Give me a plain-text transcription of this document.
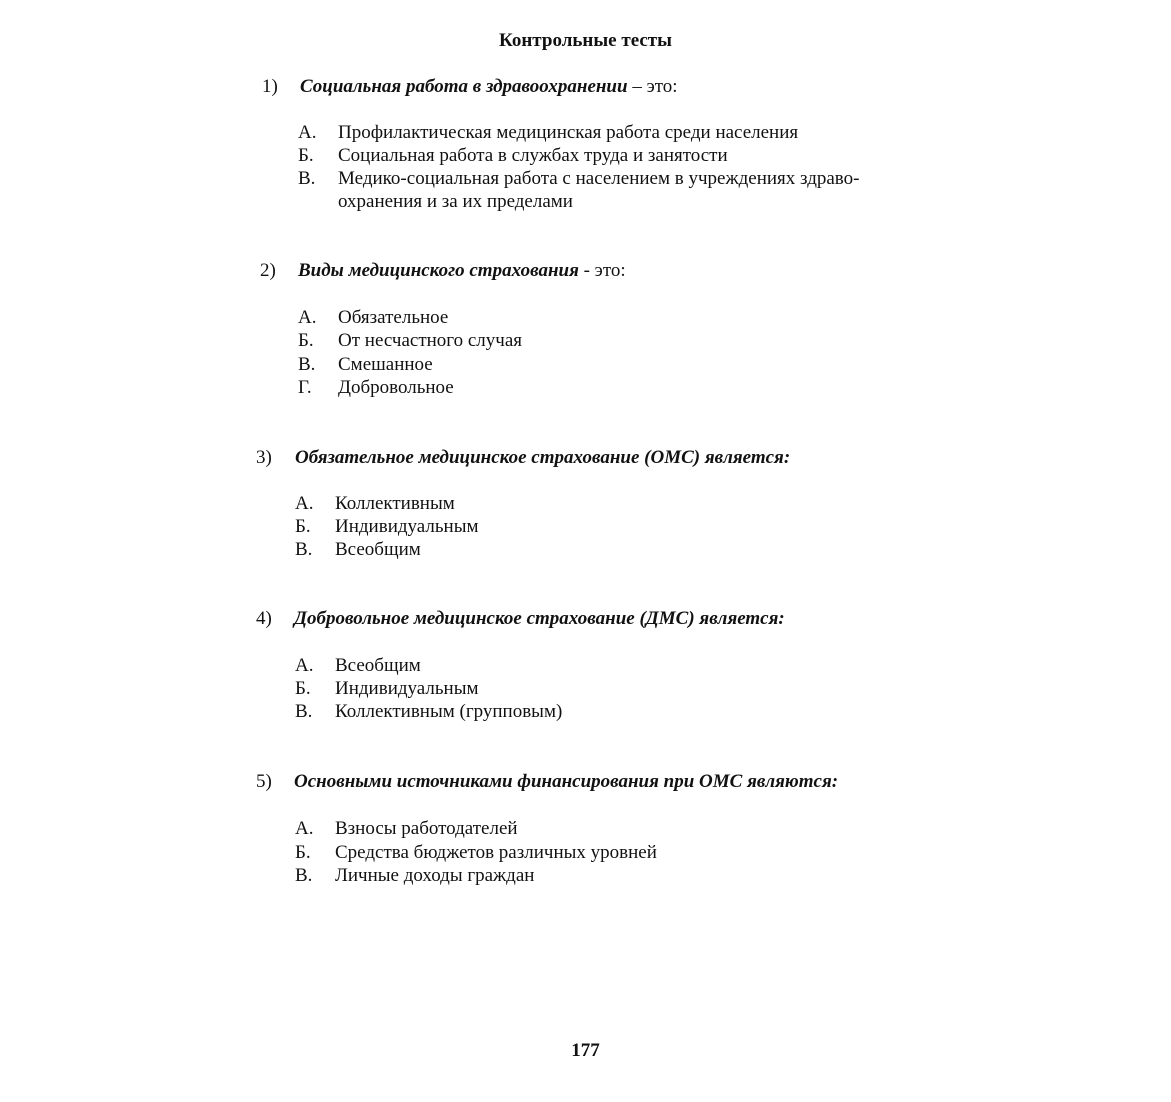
Контрольные тесты
1) Социальная работа в здравоохранении – это:
А. Профилактическая медицинская работа среди населения
Б. Социальная работа в службах труда и занятости
В. Медико-социальная работа с населением в учреждениях здраво-
охранения и за их пределами
2) Виды медицинского страхования - это:
А. Обязательное
Б. От несчастного случая
В. Смешанное
Г. Добровольное
3) Обязательное медицинское страхование (ОМС) является:
А. Коллективным
Б. Индивидуальным
В. Всеобщим
4) Добровольное медицинское страхование (ДМС) является:
А. Всеобщим
Б. Индивидуальным
В. Коллективным (групповым)
5) Основными источниками финансирования при ОМС являются:
А. Взносы работодателей
Б. Средства бюджетов различных уровней
В. Личные доходы граждан
177
